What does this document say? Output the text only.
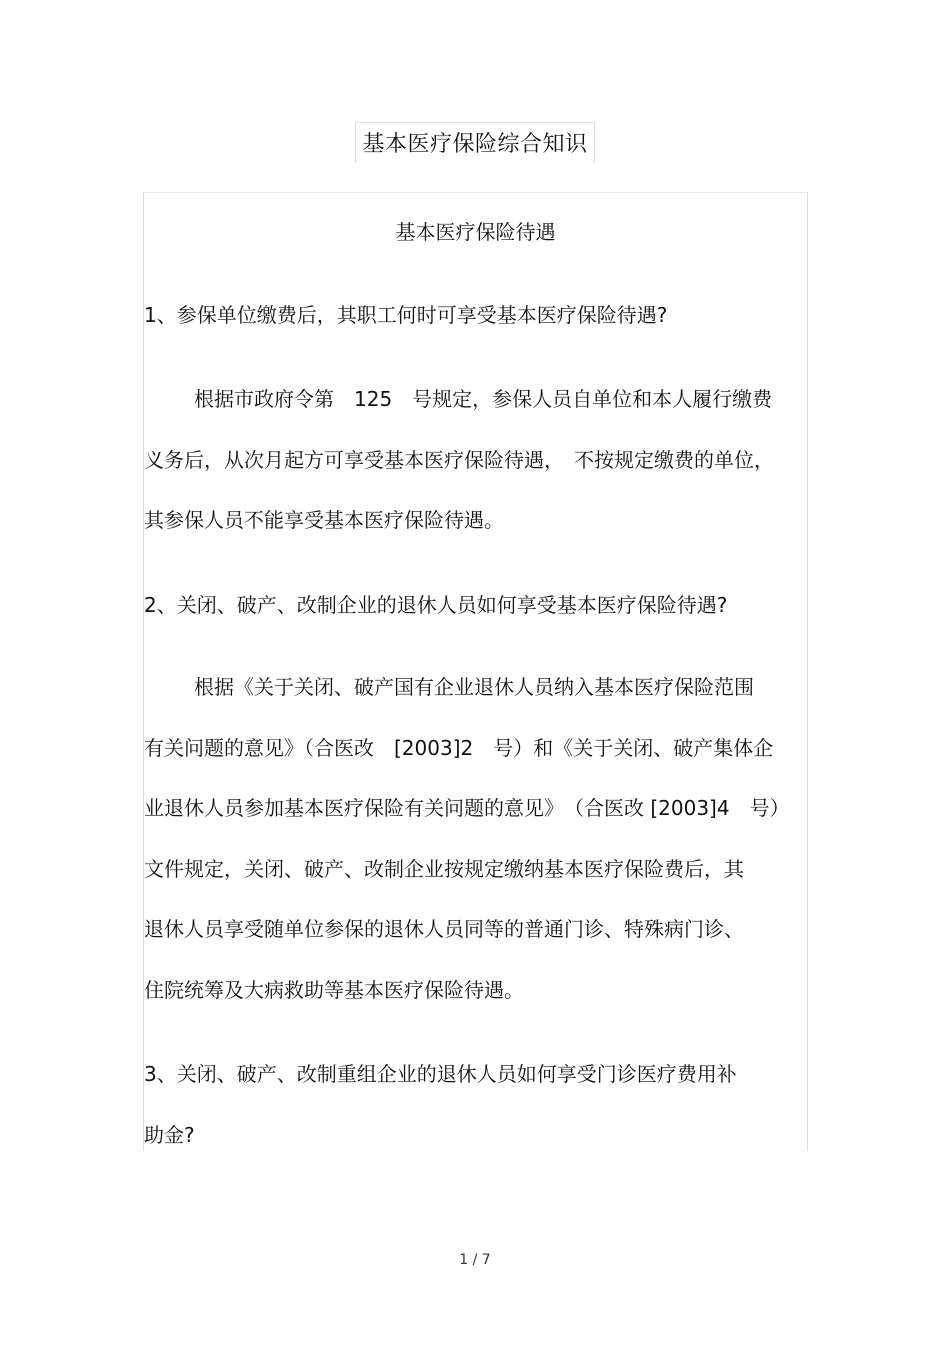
基本医疗保险综合知识
基本医疗保险待遇
1、参保单位缴费后，其职工何时可享受基本医疗保险待遇?
根据市政府令第　125　号规定，参保人员自单位和本人履行缴费
义务后，从次月起方可享受基本医疗保险待遇，　不按规定缴费的单位，
其参保人员不能享受基本医疗保险待遇。
2、关闭、破产、改制企业的退休人员如何享受基本医疗保险待遇?
根据《关于关闭、破产国有企业退休人员纳入基本医疗保险范围
有关问题的意见》（合医改　[2003]2　号）和《关于关闭、破产集体企
业退休人员参加基本医疗保险有关问题的意见》　（合医改 [2003]4　号）
文件规定，关闭、破产、改制企业按规定缴纳基本医疗保险费后，其
退休人员享受随单位参保的退休人员同等的普通门诊、特殊病门诊、
住院统筹及大病救助等基本医疗保险待遇。
3、关闭、破产、改制重组企业的退休人员如何享受门诊医疗费用补
助金?
1 / 7
